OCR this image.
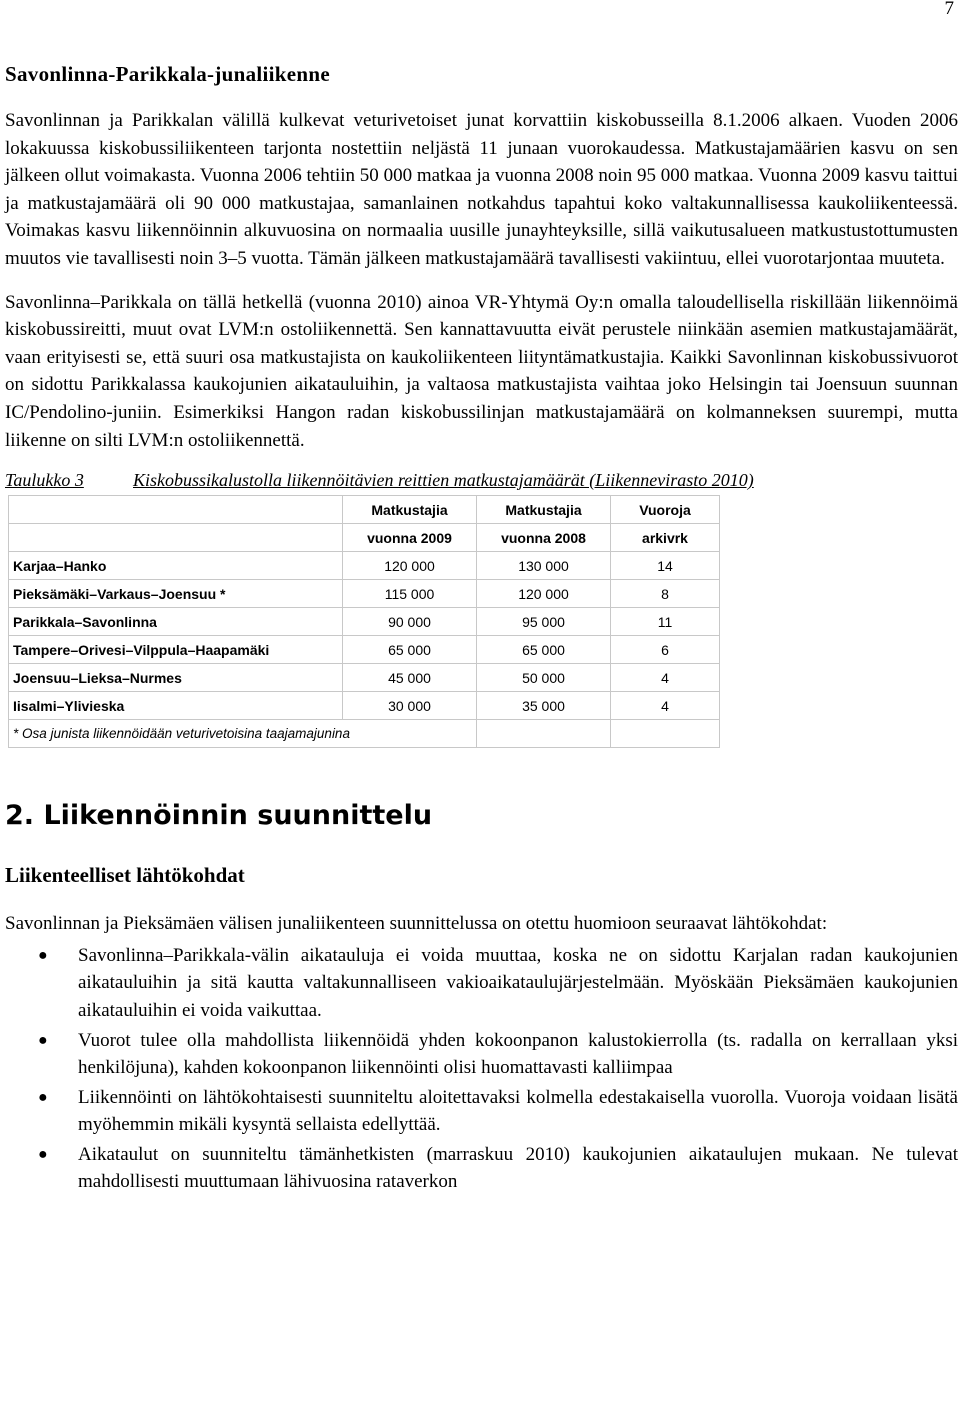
7
Savonlinna-Parikkala-junaliikenne

Savonlinnan ja Parikkalan välillä kulkevat veturivetoiset junat korvattiin kiskobusseilla 8.1.2006 alkaen. Vuoden 2006 lokakuussa kiskobussiliikenteen tarjonta nostettiin neljästä 11 junaan vuorokaudessa. Matkustajamäärien kasvu on sen jälkeen ollut voimakasta. Vuonna 2006 tehtiin 50 000 matkaa ja vuonna 2008 noin 95 000 matkaa. Vuonna 2009 kasvu taittui ja matkustajamäärä oli 90 000 matkustajaa, samanlainen notkahdus tapahtui koko valtakunnallisessa kaukoliikenteessä. Voimakas kasvu liikennöinnin alkuvuosina on normaalia uusille junayhteyksille, sillä vaikutusalueen matkustustottumusten muutos vie tavallisesti noin 3–5 vuotta. Tämän jälkeen matkustajamäärä tavallisesti vakiintuu, ellei vuorotarjontaa muuteta.

Savonlinna–Parikkala on tällä hetkellä (vuonna 2010) ainoa VR-Yhtymä Oy:n omalla taloudellisella riskillään liikennöimä kiskobussireitti, muut ovat LVM:n ostoliikennettä. Sen kannattavuutta eivät perustele niinkään asemien matkustajamäärät, vaan erityisesti se, että suuri osa matkustajista on kaukoliikenteen liityntämatkustajia. Kaikki Savonlinnan kiskobussivuorot on sidottu Parikkalassa kaukojunien aikatauluihin, ja valtaosa matkustajista vaihtaa joko Helsingin tai Joensuun suunnan IC/Pendolino-juniin. Esimerkiksi Hangon radan kiskobussilinjan matkustajamäärä on kolmanneksen suurempi, mutta liikenne on silti LVM:n ostoliikennettä.

Taulukko 3	Kiskobussikalustolla liikennöitävien reittien matkustajamäärät (Liikennevirasto 2010)
	Matkustajia	Matkustajia	Vuoroja
	vuonna 2009	vuonna 2008	arkivrk
Karjaa–Hanko	120 000	130 000	14
Pieksämäki–Varkaus–Joensuu *	115 000	120 000	8
Parikkala–Savonlinna	90 000	95 000	11
Tampere–Orivesi–Vilppula–Haapamäki	65 000	65 000	6
Joensuu–Lieksa–Nurmes	45 000	50 000	4
Iisalmi–Ylivieska	30 000	35 000	4
* Osa junista liikennöidään veturivetoisina taajamajunina			
2. Liikennöinnin suunnittelu
Liikenteelliset lähtökohdat

Savonlinnan ja Pieksämäen välisen junaliikenteen suunnittelussa on otettu huomioon seuraavat lähtökohdat:

● Savonlinna–Parikkala-välin aikatauluja ei voida muuttaa, koska ne on sidottu Karjalan radan kaukojunien aikatauluihin ja sitä kautta valtakunnalliseen vakioaikataulujärjestelmään. Myöskään Pieksämäen kaukojunien aikatauluihin ei voida vaikuttaa.
● Vuorot tulee olla mahdollista liikennöidä yhden kokoonpanon kalustokierrolla (ts. radalla on kerrallaan yksi henkilöjuna), kahden kokoonpanon liikennöinti olisi huomattavasti kalliimpaa
● Liikennöinti on lähtökohtaisesti suunniteltu aloitettavaksi kolmella edestakaisella vuorolla. Vuoroja voidaan lisätä myöhemmin mikäli kysyntä sellaista edellyttää.
● Aikataulut on suunniteltu tämänhetkisten (marraskuu 2010) kaukojunien aikataulujen mukaan. Ne tulevat mahdollisesti muuttumaan lähivuosina rataverkon
